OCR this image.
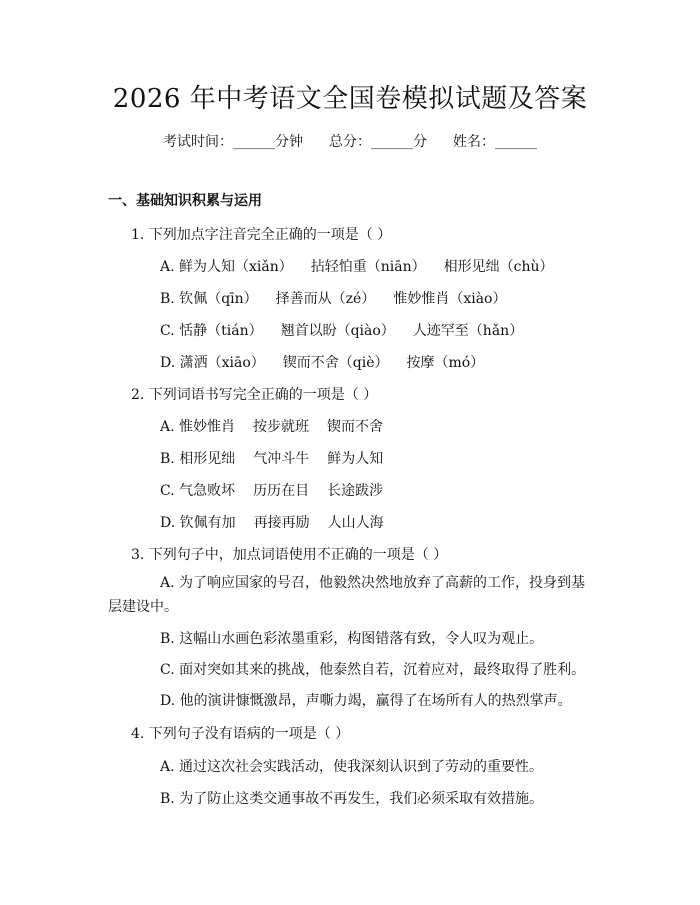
2026 年中考语文全国卷模拟试题及答案
考试时间：______分钟 总分：______分 姓名：______
一、基础知识积累与运用
1. 下列加点字注音完全正确的一项是（ ）
A. 鲜为人知（xiǎn） 拈轻怕重（niān） 相形见绌（chù）
B. 钦佩（qīn） 择善而从（zé） 惟妙惟肖（xiào）
C. 恬静（tián） 翘首以盼（qiào） 人迹罕至（hǎn）
D. 潇洒（xiāo） 锲而不舍（qiè） 按摩（mó）
2. 下列词语书写完全正确的一项是（ ）
A. 惟妙惟肖 按步就班 锲而不舍
B. 相形见绌 气冲斗牛 鲜为人知
C. 气急败坏 历历在目 长途跋涉
D. 钦佩有加 再接再励 人山人海
3. 下列句子中，加点词语使用不正确的一项是（ ）
A. 为了响应国家的号召，他毅然决然地放弃了高薪的工作，投身到基层建设中。
B. 这幅山水画色彩浓墨重彩，构图错落有致，令人叹为观止。
C. 面对突如其来的挑战，他泰然自若，沉着应对，最终取得了胜利。
D. 他的演讲慷慨激昂，声嘶力竭，赢得了在场所有人的热烈掌声。
4. 下列句子没有语病的一项是（ ）
A. 通过这次社会实践活动，使我深刻认识到了劳动的重要性。
B. 为了防止这类交通事故不再发生，我们必须采取有效措施。
